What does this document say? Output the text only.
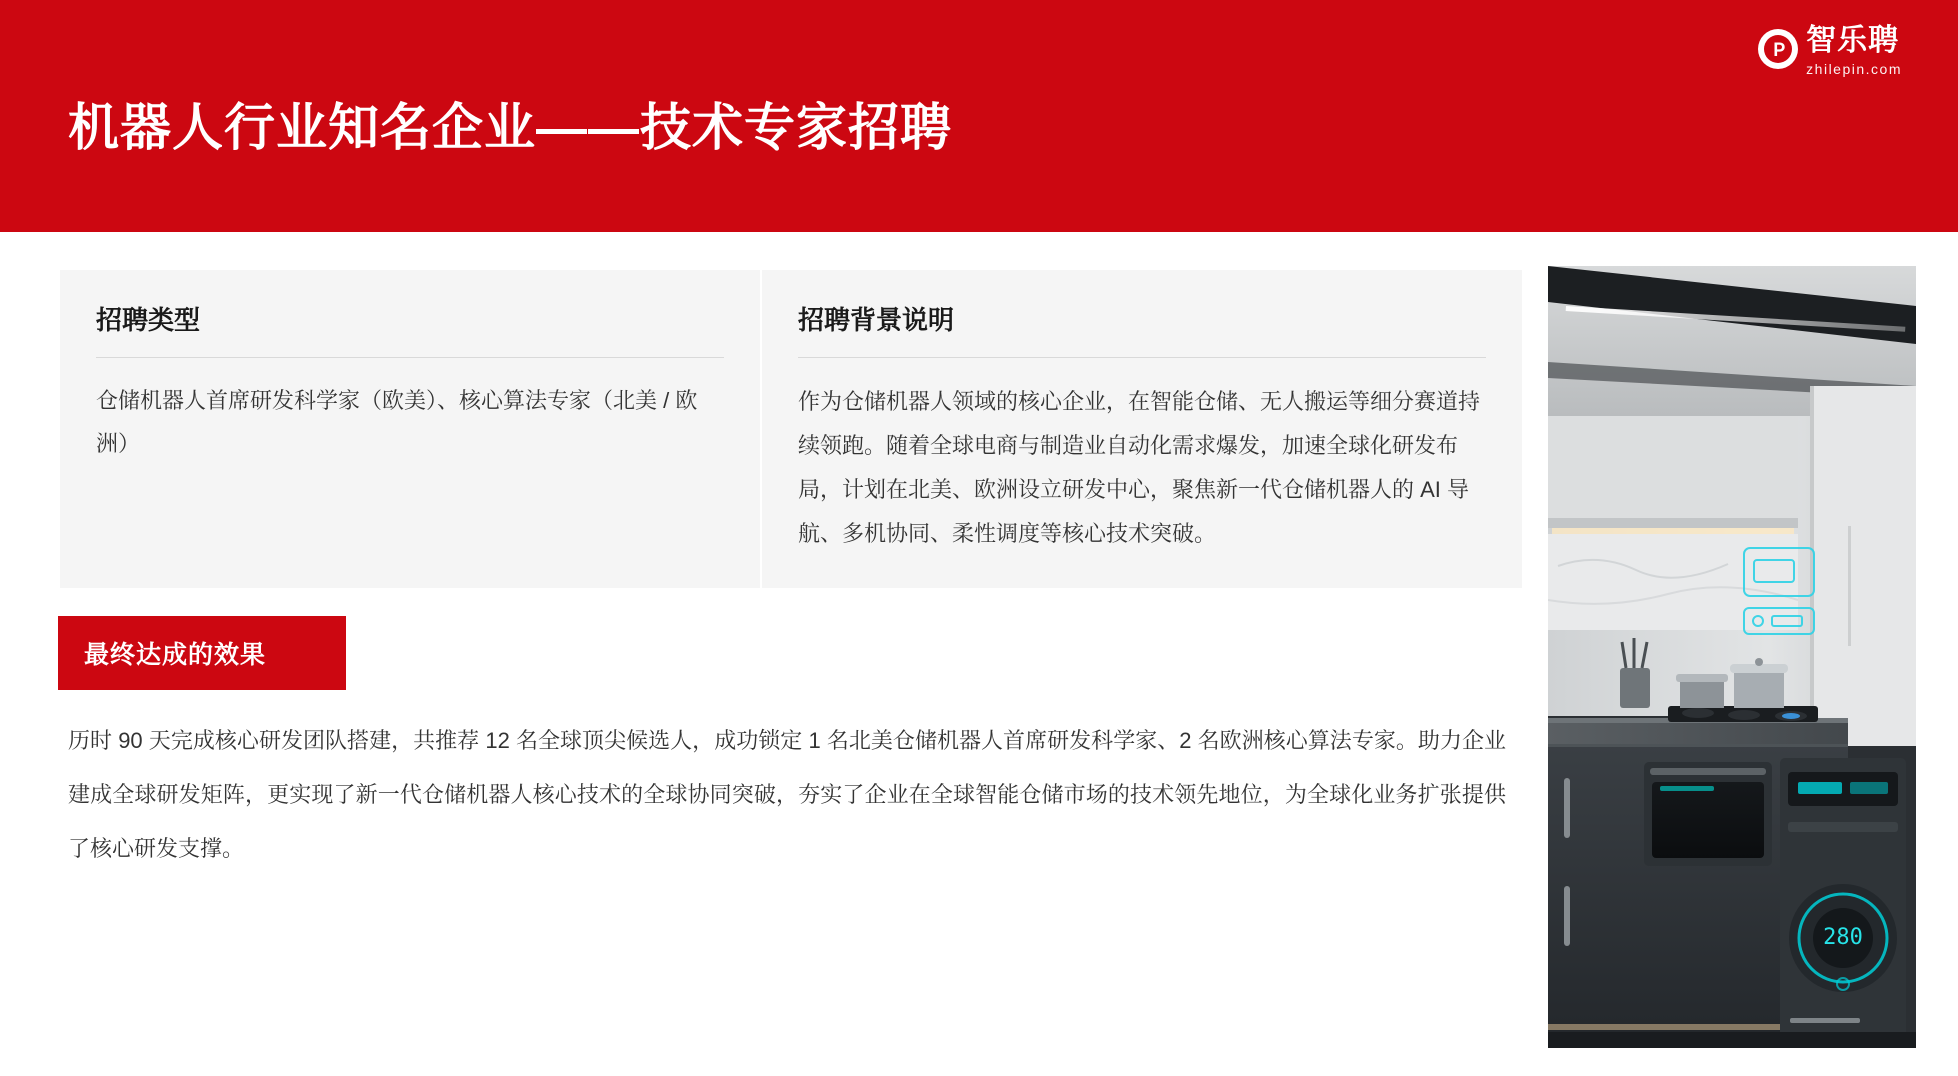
机器人行业知名企业——技术专家招聘
智乐聘
zhilepin.com
招聘类型
仓储机器人首席研发科学家（欧美）、核心算法专家（北美 / 欧洲）
招聘背景说明
作为仓储机器人领域的核心企业，在智能仓储、无人搬运等细分赛道持续领跑。随着全球电商与制造业自动化需求爆发，加速全球化研发布局，计划在北美、欧洲设立研发中心，聚焦新一代仓储机器人的 AI 导航、多机协同、柔性调度等核心技术突破。
最终达成的效果
历时 90 天完成核心研发团队搭建，共推荐 12 名全球顶尖候选人，成功锁定 1 名北美仓储机器人首席研发科学家、2 名欧洲核心算法专家。助力企业建成全球研发矩阵，更实现了新一代仓储机器人核心技术的全球协同突破，夯实了企业在全球智能仓储市场的技术领先地位，为全球化业务扩张提供了核心研发支撑。
280
